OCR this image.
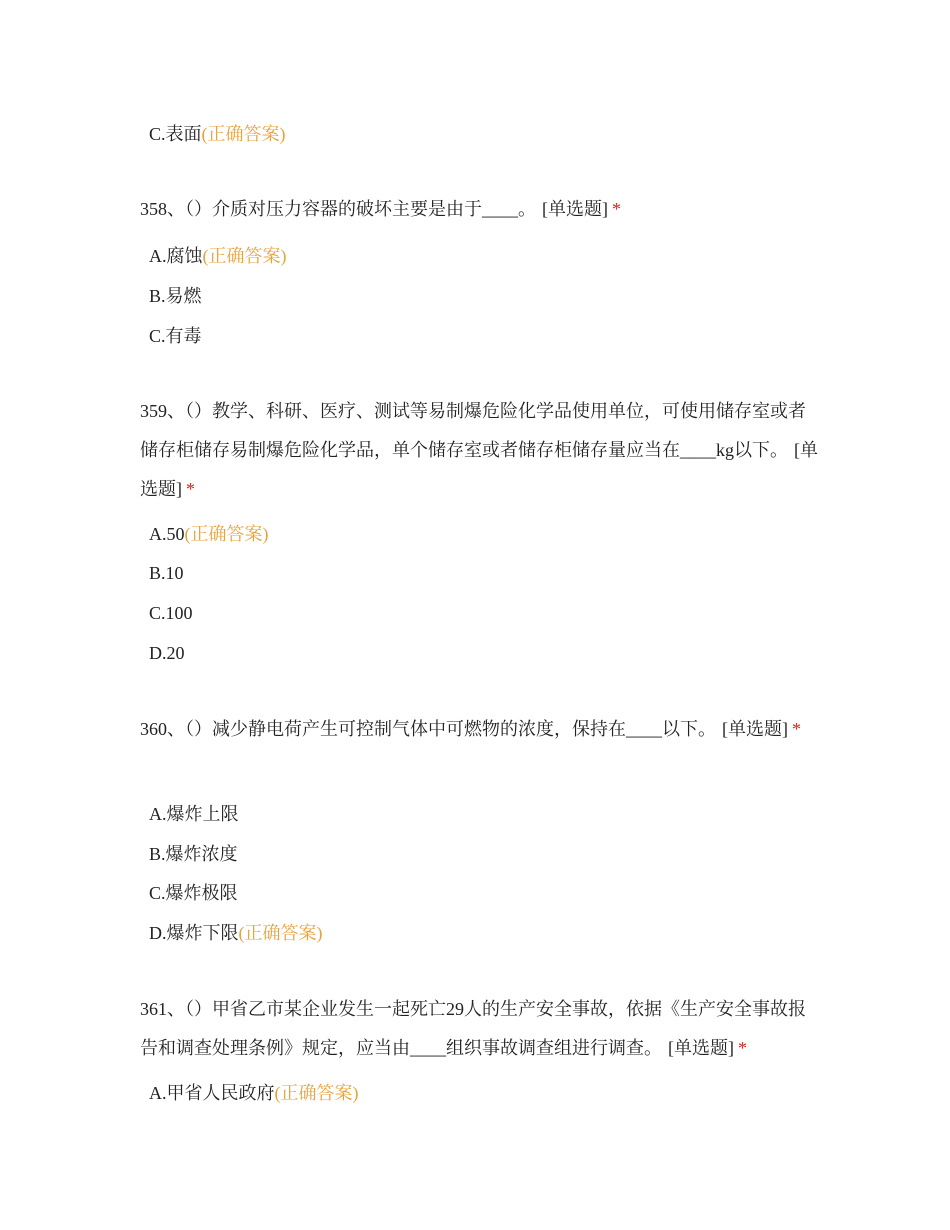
C.表面(正确答案)

358、（）介质对压力容器的破坏主要是由于____。 [单选题] *

A.腐蚀(正确答案)
B.易燃
C.有毒

359、（）教学、科研、医疗、测试等易制爆危险化学品使用单位，可使用储存室或者储存柜储存易制爆危险化学品，单个储存室或者储存柜储存量应当在____kg以下。 [单选题] *

A.50(正确答案)
B.10
C.100
D.20

360、（）减少静电荷产生可控制气体中可燃物的浓度，保持在____以下。 [单选题] *

A.爆炸上限
B.爆炸浓度
C.爆炸极限
D.爆炸下限(正确答案)

361、（）甲省乙市某企业发生一起死亡29人的生产安全事故，依据《生产安全事故报告和调查处理条例》规定，应当由____组织事故调查组进行调查。 [单选题] *

A.甲省人民政府(正确答案)
